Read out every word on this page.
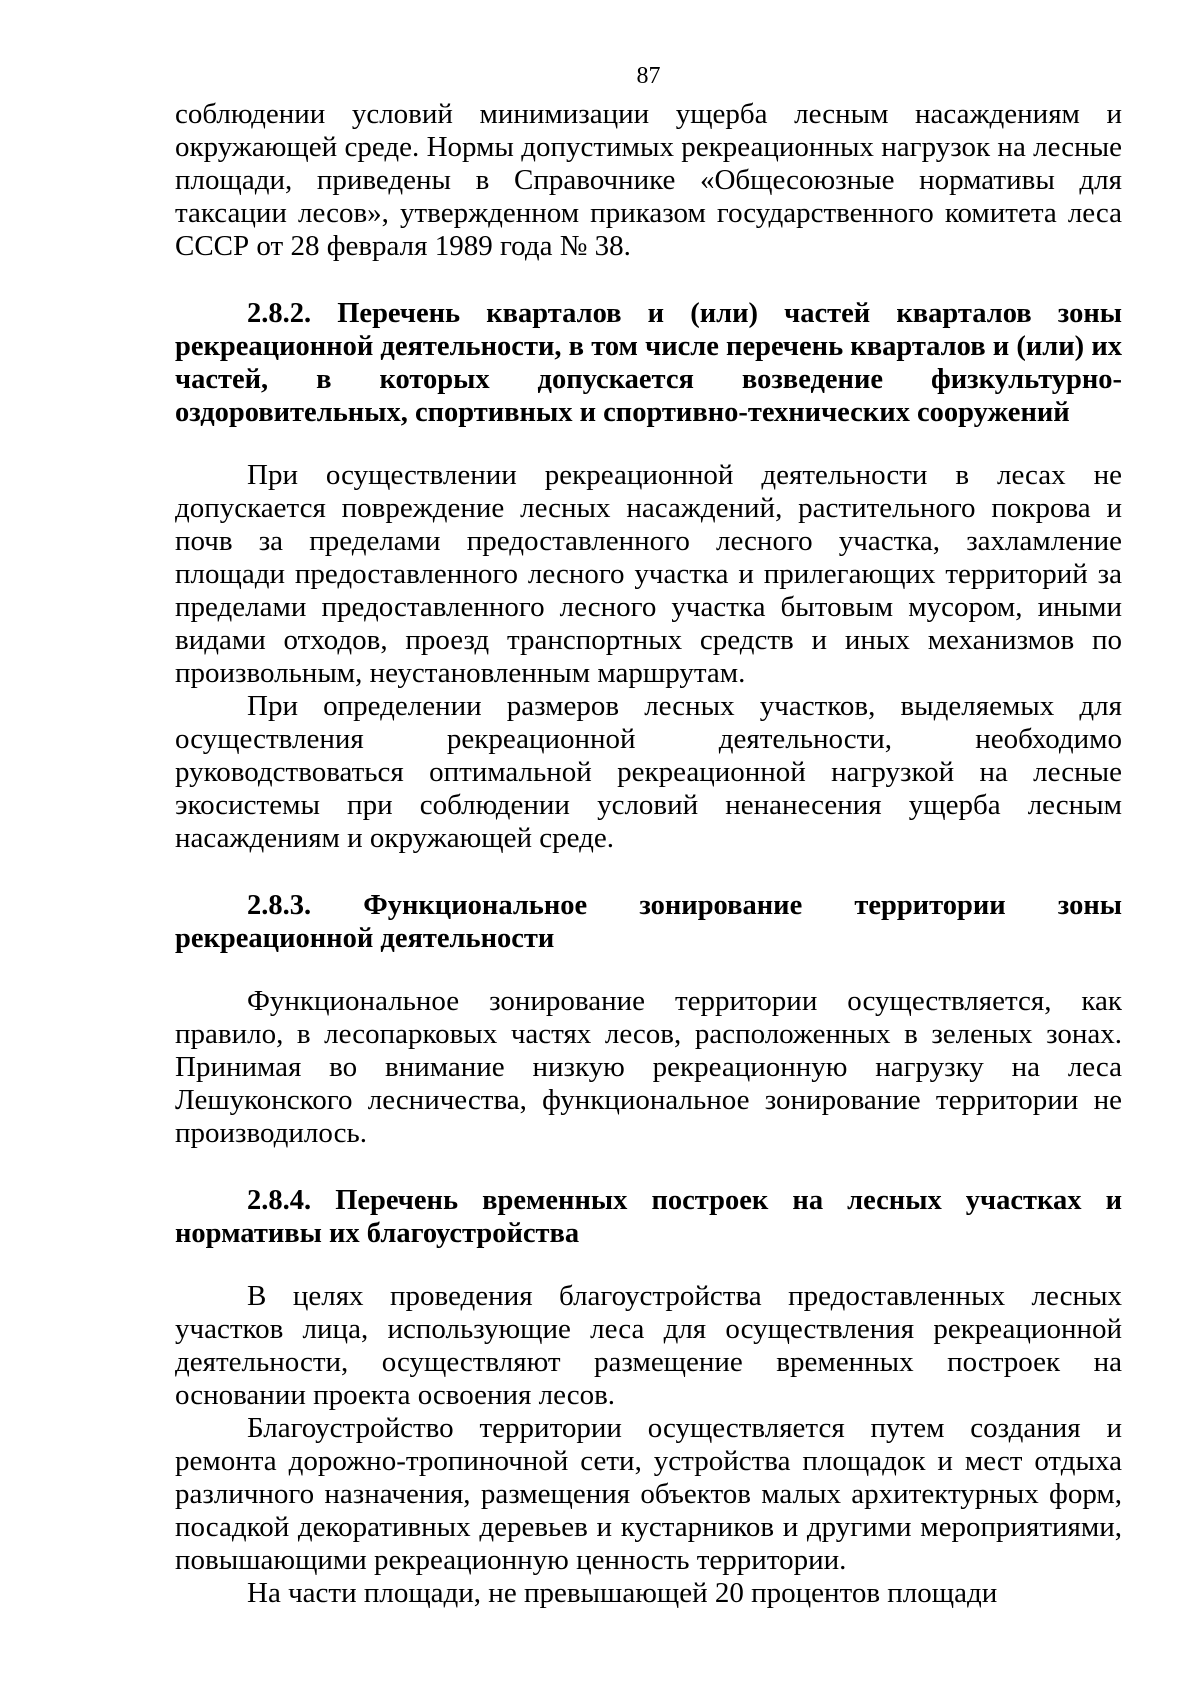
87

соблюдении условий минимизации ущерба лесным насаждениям и окружающей среде. Нормы допустимых рекреационных нагрузок на лесные площади, приведены в Справочнике «Общесоюзные нормативы для таксации лесов», утвержденном приказом государственного комитета леса СССР от 28 февраля 1989 года № 38.

2.8.2. Перечень кварталов и (или) частей кварталов зоны рекреационной деятельности, в том числе перечень кварталов и (или) их частей, в которых допускается возведение физкультурно-оздоровительных, спортивных и спортивно-технических сооружений

При осуществлении рекреационной деятельности в лесах не допускается повреждение лесных насаждений, растительного покрова и почв за пределами предоставленного лесного участка, захламление площади предоставленного лесного участка и прилегающих территорий за пределами предоставленного лесного участка бытовым мусором, иными видами отходов, проезд транспортных средств и иных механизмов по произвольным, неустановленным маршрутам.

При определении размеров лесных участков, выделяемых для осуществления рекреационной деятельности, необходимо руководствоваться оптимальной рекреационной нагрузкой на лесные экосистемы при соблюдении условий ненанесения ущерба лесным насаждениям и окружающей среде.

2.8.3. Функциональное зонирование территории зоны рекреационной деятельности

Функциональное зонирование территории осуществляется, как правило, в лесопарковых частях лесов, расположенных в зеленых зонах. Принимая во внимание низкую рекреационную нагрузку на леса Лешуконского лесничества, функциональное зонирование территории не производилось.

2.8.4. Перечень временных построек на лесных участках и нормативы их благоустройства

В целях проведения благоустройства предоставленных лесных участков лица, использующие леса для осуществления рекреационной деятельности, осуществляют размещение временных построек на основании проекта освоения лесов.

Благоустройство территории осуществляется путем создания и ремонта дорожно-тропиночной сети, устройства площадок и мест отдыха различного назначения, размещения объектов малых архитектурных форм, посадкой декоративных деревьев и кустарников и другими мероприятиями, повышающими рекреационную ценность территории.

На части площади, не превышающей 20 процентов площади
